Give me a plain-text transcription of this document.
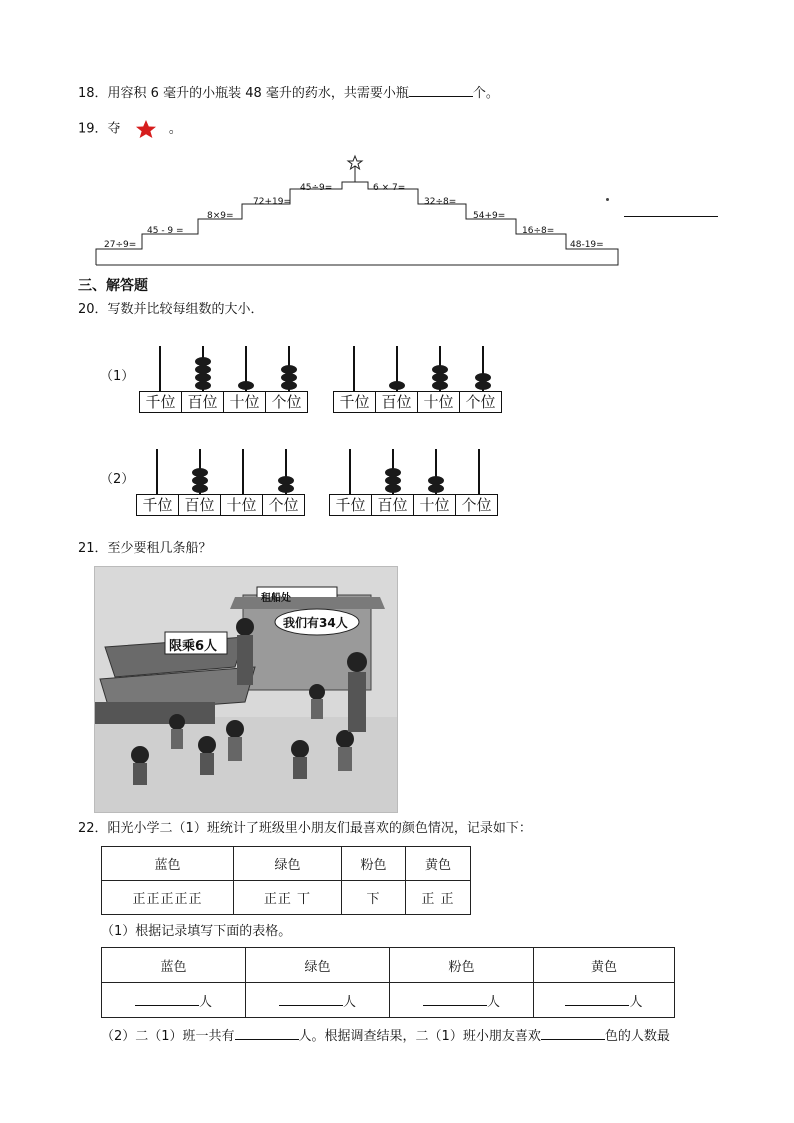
18．用容积 6 毫升的小瓶装 48 毫升的药水，共需要小瓶	个。
19．夺	。
27÷9=
45 - 9 =
8×9=
72+19=
45÷9=	6 × 7=
32÷8=
54+9=
16÷8=
48-19=
三、解答题
20．写数并比较每组数的大小．
（1）
（2）
千位 百位 十位 个位	千位 百位 十位 个位
千位 百位 十位 个位	千位 百位 十位 个位
21．至少要租几条船？
租船处
限乘6人
我们有34人
22．阳光小学二（1）班统计了班级里小朋友们最喜欢的颜色情况，记录如下：
蓝色	绿色	粉色	黄色
正正正正正	正正 丅	下	正 正
（1）根据记录填写下面的表格。
蓝色	绿色	粉色	黄色
人	人	人	人
（2）二（1）班一共有	人。根据调查结果，二（1）班小朋友喜欢	色的人数最
